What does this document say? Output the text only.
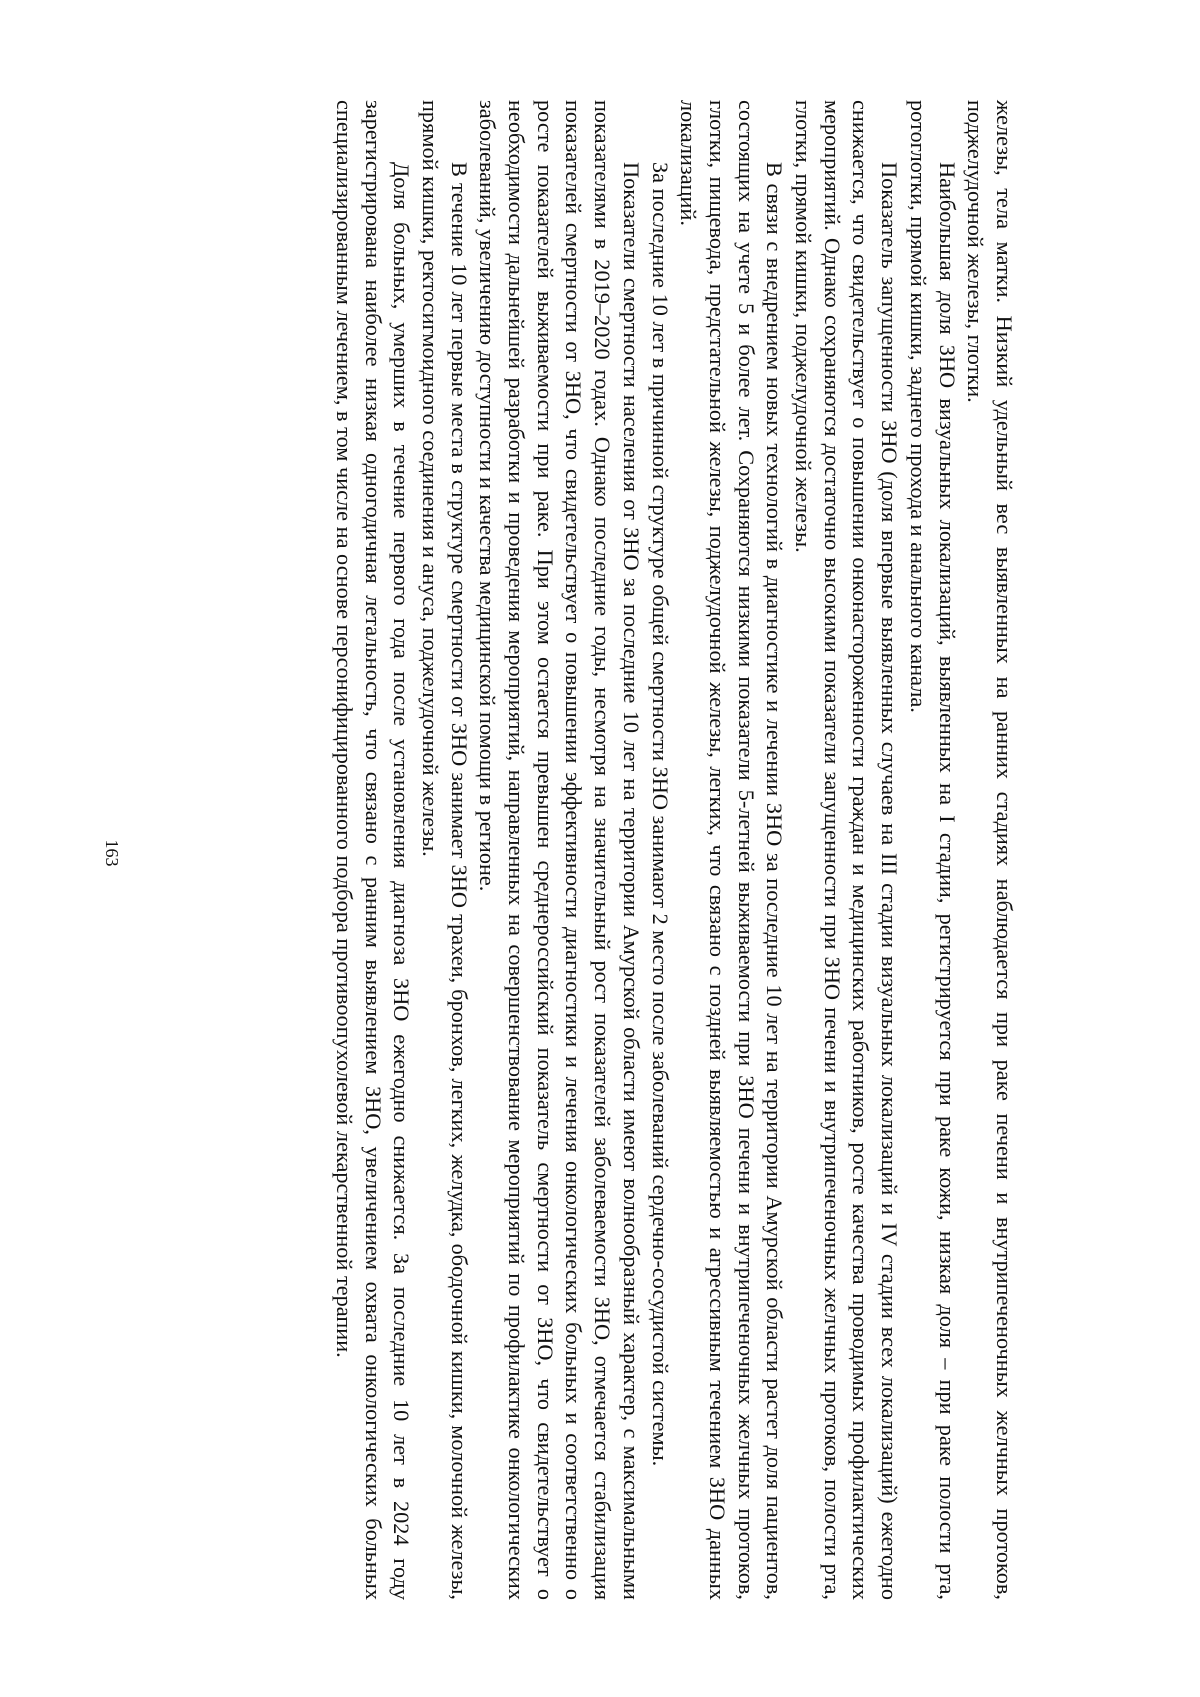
163	железы, тела матки. Низкий удельный вес выявленных на ранних стадиях наблюдается при раке печени и внутрипеченочных желчных протоков, поджелудочной железы, глотки.

Наибольшая доля ЗНО визуальных локализаций, выявленных на I стадии, регистрируется при раке кожи, низкая доля – при раке полости рта, ротоглотки, прямой кишки, заднего прохода и анального канала.

Показатель запущенности ЗНО (доля впервые выявленных случаев на III стадии визуальных локализаций и IV стадии всех локализаций) ежегодно снижается, что свидетельствует о повышении онконастороженности граждан и медицинских работников, росте качества проводимых профилактических мероприятий. Однако сохраняются достаточно высокими показатели запущенности при ЗНО печени и внутрипеченочных желчных протоков, полости рта, глотки, прямой кишки, поджелудочной железы.

В связи с внедрением новых технологий в диагностике и лечении ЗНО за последние 10 лет на территории Амурской области растет доля пациентов, состоящих на учете 5 и более лет. Сохраняются низкими показатели 5-летней выживаемости при ЗНО печени и внутрипеченочных желчных протоков, глотки, пищевода, предстательной железы, поджелудочной железы, легких, что связано с поздней выявляемостью и агрессивным течением ЗНО данных локализаций.

За последние 10 лет в причинной структуре общей смертности ЗНО занимают 2 место после заболеваний сердечно-сосудистой системы.

Показатели смертности населения от ЗНО за последние 10 лет на территории Амурской области имеют волнообразный характер, с максимальными показателями в 2019–2020 годах. Однако последние годы, несмотря на значительный рост показателей заболеваемости ЗНО, отмечается стабилизация показателей смертности от ЗНО, что свидетельствует о повышении эффективности диагностики и лечения онкологических больных и соответственно о росте показателей выживаемости при раке. При этом остается превышен среднероссийский показатель смертности от ЗНО, что свидетельствует о необходимости дальнейшей разработки и проведения мероприятий, направленных на совершенствование мероприятий по профилактике онкологических заболеваний, увеличению доступности и качества медицинской помощи в регионе.

В течение 10 лет первые места в структуре смертности от ЗНО занимает ЗНО трахеи, бронхов, легких, желудка, ободочной кишки, молочной железы, прямой кишки, ректосигмоидного соединения и ануса, поджелудочной железы.

Доля больных, умерших в течение первого года после установления диагноза ЗНО ежегодно снижается. За последние 10 лет в 2024 году зарегистрирована наиболее низкая одногодичная летальность, что связано с ранним выявлением ЗНО, увеличением охвата онкологических больных специализированным лечением, в том числе на основе персонифицированного подбора противоопухолевой лекарственной терапии.
